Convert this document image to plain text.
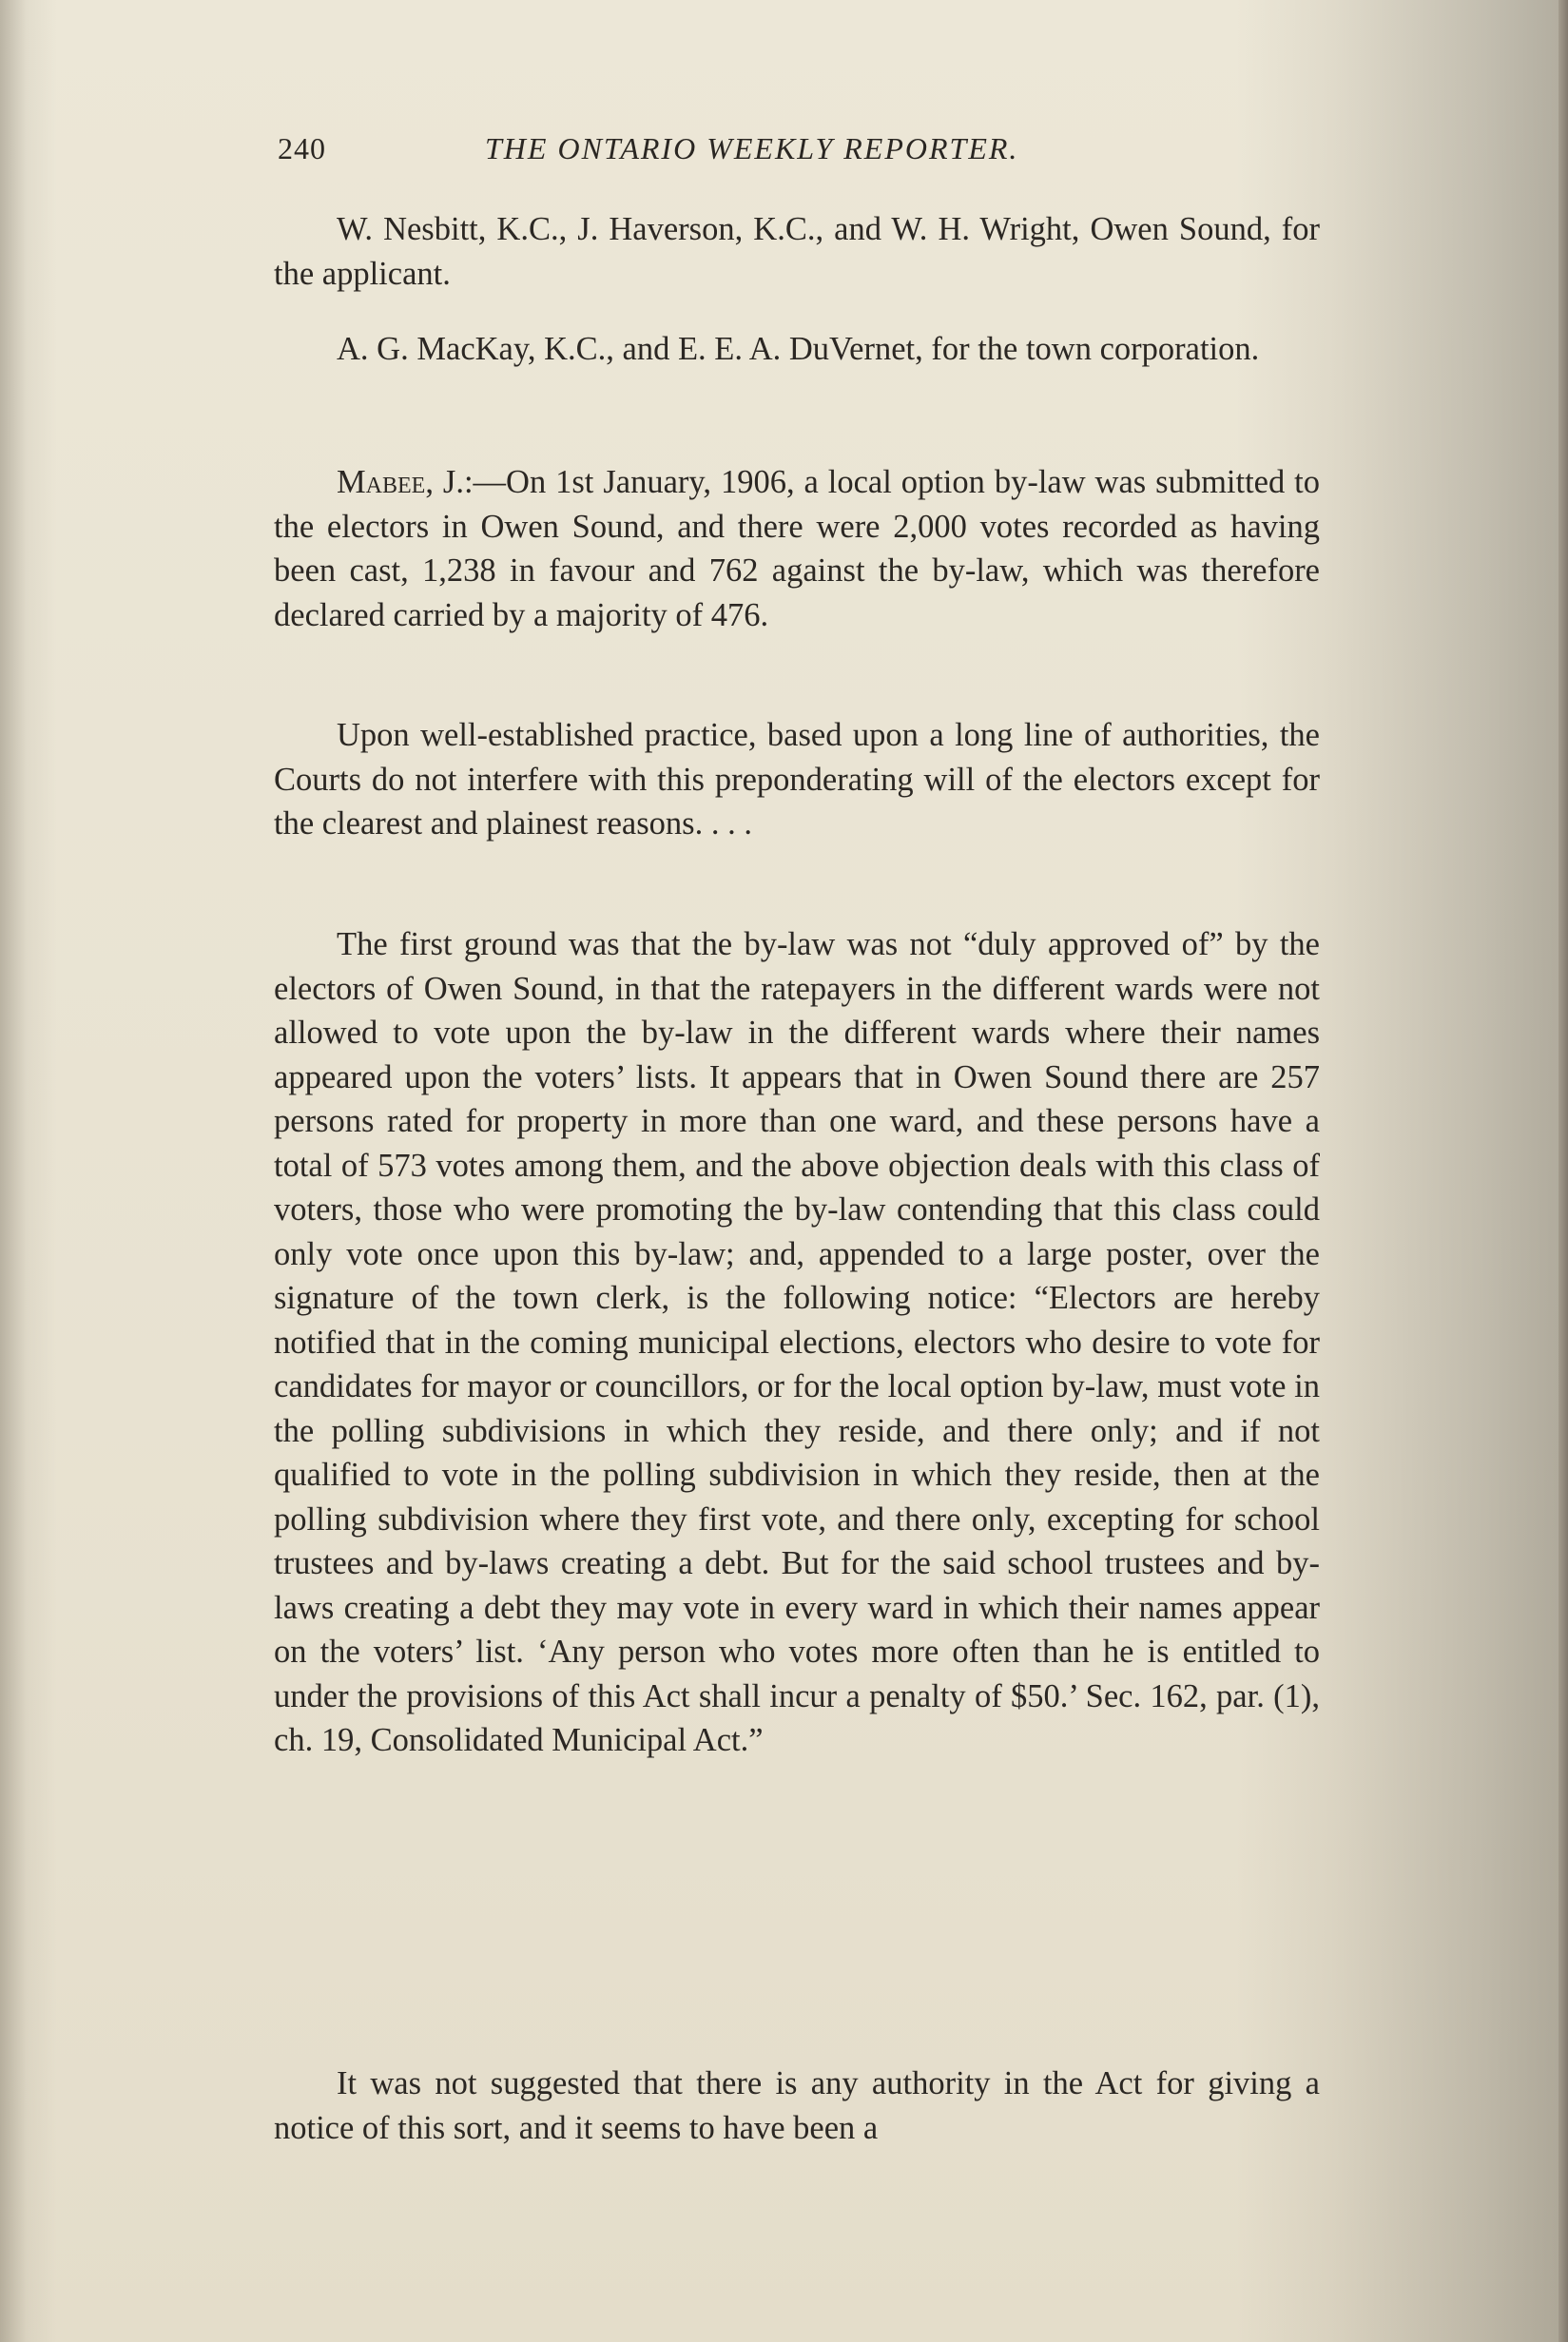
240	THE ONTARIO WEEKLY REPORTER.

W. Nesbitt, K.C., J. Haverson, K.C., and W. H. Wright, Owen Sound, for the applicant.

A. G. MacKay, K.C., and E. E. A. DuVernet, for the town corporation.

Mabee, J.:—On 1st January, 1906, a local option by-law was submitted to the electors in Owen Sound, and there were 2,000 votes recorded as having been cast, 1,238 in favour and 762 against the by-law, which was therefore declared carried by a majority of 476.

Upon well-established practice, based upon a long line of authorities, the Courts do not interfere with this preponderating will of the electors except for the clearest and plainest reasons. . . .

The first ground was that the by-law was not “duly approved of” by the electors of Owen Sound, in that the ratepayers in the different wards were not allowed to vote upon the by-law in the different wards where their names appeared upon the voters’ lists. It appears that in Owen Sound there are 257 persons rated for property in more than one ward, and these persons have a total of 573 votes among them, and the above objection deals with this class of voters, those who were promoting the by-law contending that this class could only vote once upon this by-law; and, appended to a large poster, over the signature of the town clerk, is the following notice: “Electors are hereby notified that in the coming municipal elections, electors who desire to vote for candidates for mayor or councillors, or for the local option by-law, must vote in the polling subdivisions in which they reside, and there only; and if not qualified to vote in the polling subdivision in which they reside, then at the polling subdivision where they first vote, and there only, excepting for school trustees and by-laws creating a debt. But for the said school trustees and by-laws creating a debt they may vote in every ward in which their names appear on the voters’ list. ‘Any person who votes more often than he is entitled to under the provisions of this Act shall incur a penalty of $50.’ Sec. 162, par. (1), ch. 19, Consolidated Municipal Act.”

It was not suggested that there is any authority in the Act for giving a notice of this sort, and it seems to have been a
